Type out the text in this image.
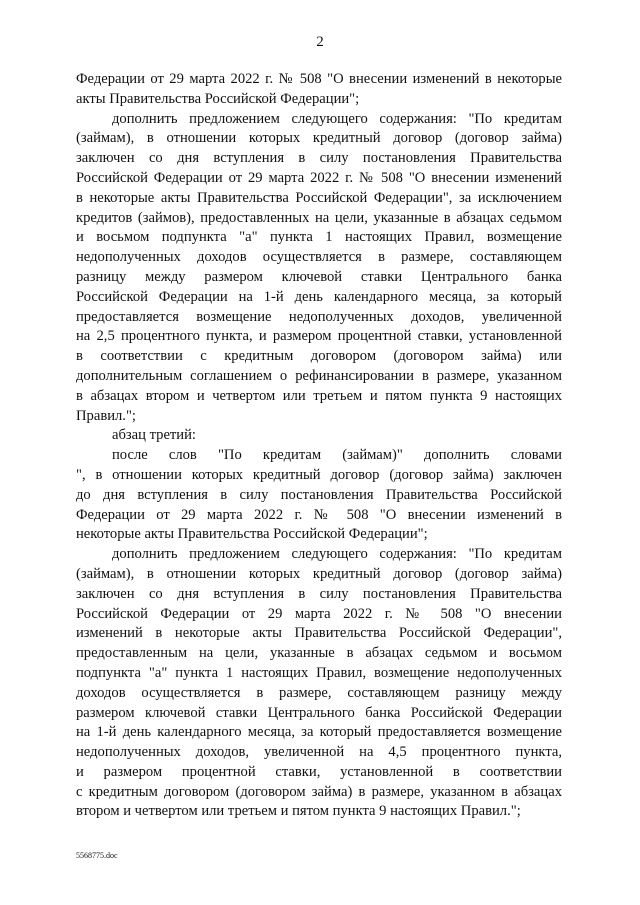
2
Федерации от 29 марта 2022 г. № 508 "О внесении изменений в некоторые
акты Правительства Российской Федерации";
дополнить предложением следующего содержания: "По кредитам
(займам), в отношении которых кредитный договор (договор займа)
заключен со дня вступления в силу постановления Правительства
Российской Федерации от 29 марта 2022 г. № 508 "О внесении изменений
в некоторые акты Правительства Российской Федерации", за исключением
кредитов (займов), предоставленных на цели, указанные в абзацах седьмом
и восьмом подпункта "а" пункта 1 настоящих Правил, возмещение
недополученных доходов осуществляется в размере, составляющем
разницу между размером ключевой ставки Центрального банка
Российской Федерации на 1-й день календарного месяца, за который
предоставляется возмещение недополученных доходов, увеличенной
на 2,5 процентного пункта, и размером процентной ставки, установленной
в соответствии с кредитным договором (договором займа) или
дополнительным соглашением о рефинансировании в размере, указанном
в абзацах втором и четвертом или третьем и пятом пункта 9 настоящих
Правил.";
абзац третий:
после слов "По кредитам (займам)" дополнить словами
", в отношении которых кредитный договор (договор займа) заключен
до дня вступления в силу постановления Правительства Российской
Федерации от 29 марта 2022 г. № 508 "О внесении изменений в
некоторые акты Правительства Российской Федерации";
дополнить предложением следующего содержания: "По кредитам
(займам), в отношении которых кредитный договор (договор займа)
заключен со дня вступления в силу постановления Правительства
Российской Федерации от 29 марта 2022 г. № 508 "О внесении
изменений в некоторые акты Правительства Российской Федерации",
предоставленным на цели, указанные в абзацах седьмом и восьмом
подпункта "а" пункта 1 настоящих Правил, возмещение недополученных
доходов осуществляется в размере, составляющем разницу между
размером ключевой ставки Центрального банка Российской Федерации
на 1-й день календарного месяца, за который предоставляется возмещение
недополученных доходов, увеличенной на 4,5 процентного пункта,
и размером процентной ставки, установленной в соответствии
с кредитным договором (договором займа) в размере, указанном в абзацах
втором и четвертом или третьем и пятом пункта 9 настоящих Правил.";
5568775.doc
